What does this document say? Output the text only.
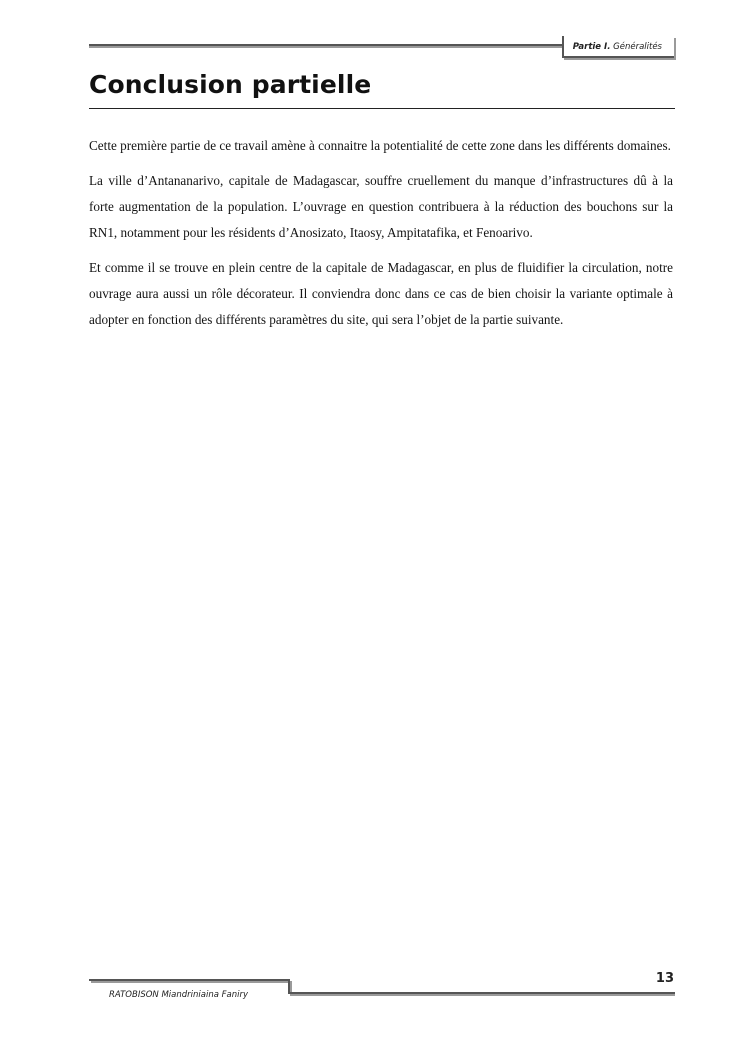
Partie I. Généralités
Conclusion partielle

Cette première partie de ce travail amène à connaitre la potentialité de cette zone dans les différents domaines.

La ville d’Antananarivo, capitale de Madagascar, souffre cruellement du manque d’infrastructures dû à la forte augmentation de la population. L’ouvrage en question contribuera à la réduction des bouchons sur la RN1, notamment pour les résidents d’Anosizato, Itaosy, Ampitatafika, et Fenoarivo.

Et comme il se trouve en plein centre de la capitale de Madagascar, en plus de fluidifier la circulation, notre ouvrage aura aussi un rôle décorateur. Il conviendra donc dans ce cas de bien choisir la variante optimale à adopter en fonction des différents paramètres du site, qui sera l’objet de la partie suivante.

13
RATOBISON Miandriniaina Faniry
